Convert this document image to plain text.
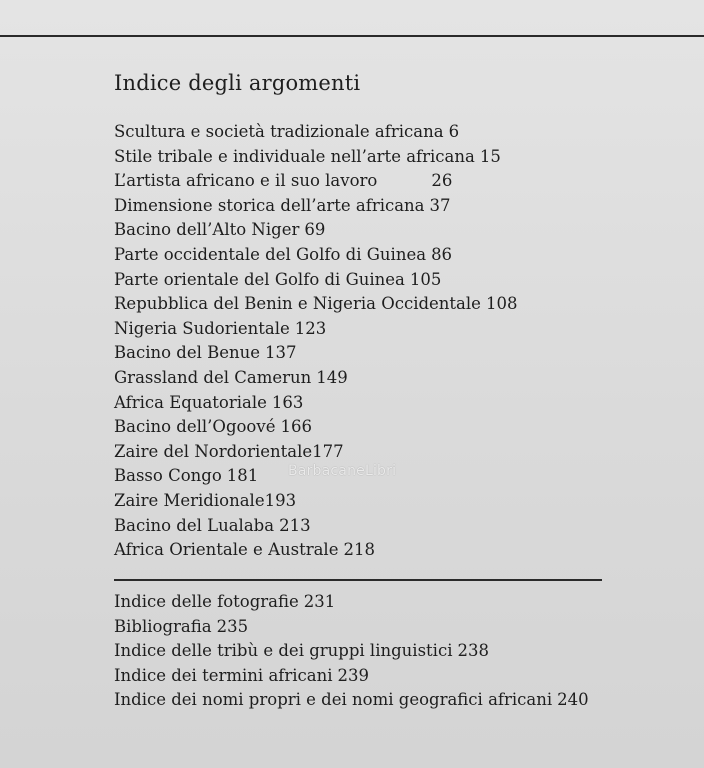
Indice degli argomenti
Scultura e società tradizionale africana 6
Stile tribale e individuale nell’arte africana 15
L’artista africano e il suo lavoro	26
Dimensione storica dell’arte africana 37
Bacino dell’Alto Niger 69
Parte occidentale del Golfo di Guinea 86
Parte orientale del Golfo di Guinea 105
Repubblica del Benin e Nigeria Occidentale 108
Nigeria Sudorientale 123
Bacino del Benue 137
Grassland del Camerun 149
Africa Equatoriale 163
Bacino dell’Ogoové 166
Zaire del Nordorientale177
Basso Congo 181
Zaire Meridionale193
Bacino del Lualaba 213
Africa Orientale e Australe 218
Indice delle fotografie 231
Bibliografia 235
Indice delle tribù e dei gruppi linguistici 238
Indice dei termini africani 239
Indice dei nomi propri e dei nomi geografici africani 240
BarbacaneLibri
